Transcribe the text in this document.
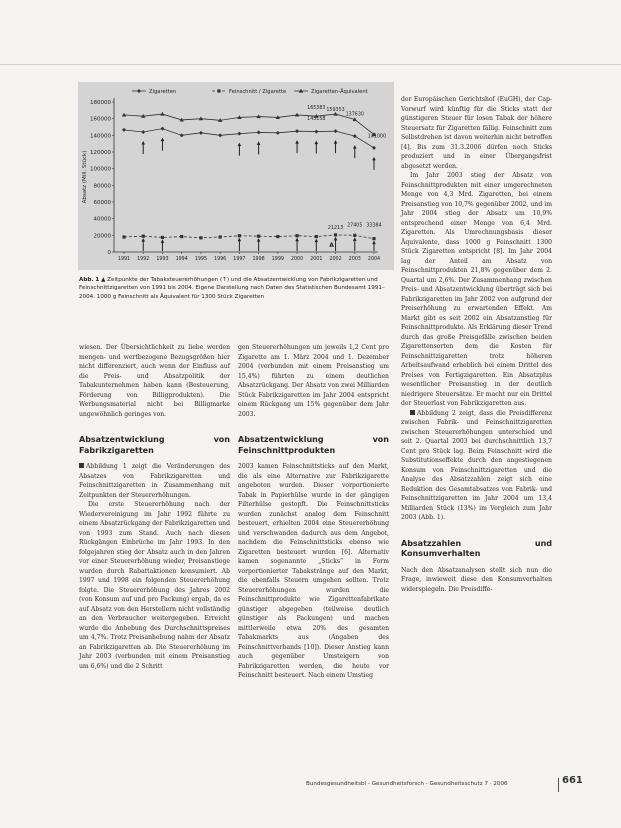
Zigaretten	Feinschnitt / Zigarette	Zigaretten-Äquivalent
0
20000
40000
60000
80000
100000
120000
140000
160000
180000
Absatz (Mill. Stück)
1991 1992 1993 1994 1995 1996 1997 1998 1999 2000 2001 2002 2003 2004
165383 159353
145158
141000
137630
21213
27405 33384
A
Abb. 1 ▲ Zeitpunkte der Tabaksteuererhöhungen (↑) und die Absatzentwicklung von Fabrikzigaretten und Feinschnittzigaretten von 1991 bis 2004. Eigene Darstellung nach Daten des Statistischen Bundesamt 1991–2004. 1000 g Feinschnitt als Äquivalent für 1300 Stück Zigaretten

wiesen. Der Übersichtlichkeit zu liebe werden mengen- und wertbezogene Bezugsgrößen hier nicht differenziert, auch wenn der Einfluss auf die Preis- und Absatzpolitik der Tabakunternehmen haben kann (Besteuerung, Förderung von Billigprodukten). Die Werbungsmaterial nicht bei Billigmarke ungewöhnlich geringes von.

Absatzentwicklung von Fabrikzigaretten

Abbildung 1 zeigt die Veränderungen des Absatzes von Fabrikzigaretten und Feinschnittzigaretten in Zusammenhang mit Zeitpunkten der Steuererhöhungen.

Die erste Steuererhöhung nach der Wiedervereinigung im Jahr 1992 führte zu einem Absatzrückgang der Fabrikzigaretten und von 1993 zum Stand. Auch nach diesen Rückgängen Einbrüche im Jahr 1993. In den folgejahren stieg der Absatz auch in den Jahren vor einer Steuererhöhung wieder, Preisanstiege wurden durch Rabattaktionen konsumiert. Ab 1997 und 1998 ein folgenden Steuererhöhung folgte. Die Steuererhöhung des Jahres 2002 (von Konsum auf und pro Packung) ergab, da es auf Absatz von den Herstellern nicht vollständig an den Verbraucher weitergegeben. Erreicht wurde die Anhebung des Durchschnittspreises um 4,7%. Trotz Preisanhebung nahm der Absatz an Fabrikzigaretten ab. Die Steuererhöhung im Jahr 2003 (verbunden mit einem Preisanstieg um 6,6%) und die 2 Schritt

gen Steuererhöhungen um jeweils 1,2 Cent pro Zigarette am 1. März 2004 und 1. Dezember 2004 (verbunden mit einem Preisanstieg um 15,4%) führten zu einem deutlichen Absatzrückgang. Der Absatz von zwei Milliarden Stück Fabrikzigaretten im Jahr 2004 entspricht einem Rückgang um 15% gegenüber dem Jahr 2003.

Absatzentwicklung von Feinschnittprodukten

2003 kamen Feinschnittsticks auf den Markt, die als eine Alternative zur Fabrikzigarette angeboten wurden. Dieser vorportionierte Tabak in Papierhülse wurde in der gängigen Filterhülse gestopft. Die Feinschnittsticks wurden zunächst analog dem Feinschnitt besteuert, erhielten 2004 eine Steuererhöhung und verschwanden dadurch aus dem Angebot, nachdem die Feinschnittsticks ebenso wie Zigaretten besteuert wurden [6]. Alternativ kamen sogenannte „Sticks“ in Form vorportionierter Tabakstränge auf den Markt, die ebenfalls Steuern umgehen sollten. Trotz Steuererhöhungen wurden die Feinschnittprodukte wie Zigarettenfabrikate günstiger abgegeben (teilweise deutlich günstiger als Packungen) und machen mittlerweile etwa 20% des gesamten Tabakmarkts aus (Angaben des Feinschnittverbands [10]). Dieser Anstieg kann auch gegenüber Umsteigern von Fabrikzigaretten werden, die heute vor Feinschnitt besteuert. Nach einem Umstieg

der Europäischen Gerichtshof (EuGH), der Cap-Vorwurf wird künftig für die Sticks statt der günstigeren Steuer für losen Tabak der höhere Steuersatz für Zigaretten fällig. Feinschnitt zum Selbstdrehen ist davon weiterhin nicht betroffen [4]. Bis zum 31.3.2006 dürfen noch Sticks produziert und in einer Übergangsfrist abgesetzt werden.

Im Jahr 2003 stieg der Absatz von Feinschnittprodukten mit einer umgerechneten Menge von 4,3 Mrd. Zigaretten, bei einem Preisanstieg von 10,7% gegenüber 2002, und im Jahr 2004 stieg der Absatz um 10,9% entsprechend einer Menge von 6,4 Mrd. Zigaretten. Als Umrechnungsbasis dieser Äquivalente, dass 1000 g Feinschnitt 1300 Stück Zigaretten entspricht [8]. Im Jahr 2004 lag der Anteil am Absatz von Feinschnittprodukten 21,8% gegenüber dem 2. Quartal um 2,6%. Der Zusammenhang zwischen Preis- und Absatzentwicklung überträgt sich bei Fabrikzigaretten im Jahr 2002 von aufgrund der Preiserhöhung zu erwartenden Effekt. Am Markt gibt es seit 2002 ein Absatzanstieg für Feinschnittprodukte. Als Erklärung dieser Trend durch das große Preisgefälle zwischen beiden Zigarettensorten dem die Kosten für Feinschnittzigaretten trotz höheren Arbeitsaufwand erheblich bei einem Drittel des Preises von Fertigzigaretten. Ein Absatzplus wesentlicher Preisanstieg in der deutlich niedrigere Steuersätze. Er macht nur ein Drittel der Steuerlast von Fabrikzigaretten aus.

Abbildung 2 zeigt, dass die Preisdifferenz zwischen Fabrik- und Feinschnittzigaretten zwischen Steuererhöhungen unterschied und seit 2. Quartal 2003 bei durchschnittlich 13,7 Cent pro Stück lag. Beim Feinschnitt wird die Substitutionseffekte durch den angestiegenen Konsum von Feinschnittzigaretten und die Analyse des Absatzzahlen zeigt sich eine Reduktion des Gesamtabsatzes von Fabrik- und Feinschnittzigaretten im Jahr 2004 um 13,4 Milliarden Stück (13%) im Vergleich zum Jahr 2003 (Abb. 1).

Absatzzahlen und Konsumverhalten

Nach den Absatzanalysen stellt sich nun die Frage, inwieweit diese den Konsumverhalten widerspiegeln. Die Preisdiffe-

Bundesgesundheitsbl - Gesundheitsforsch - Gesundheitsschutz 7 · 2006	661
